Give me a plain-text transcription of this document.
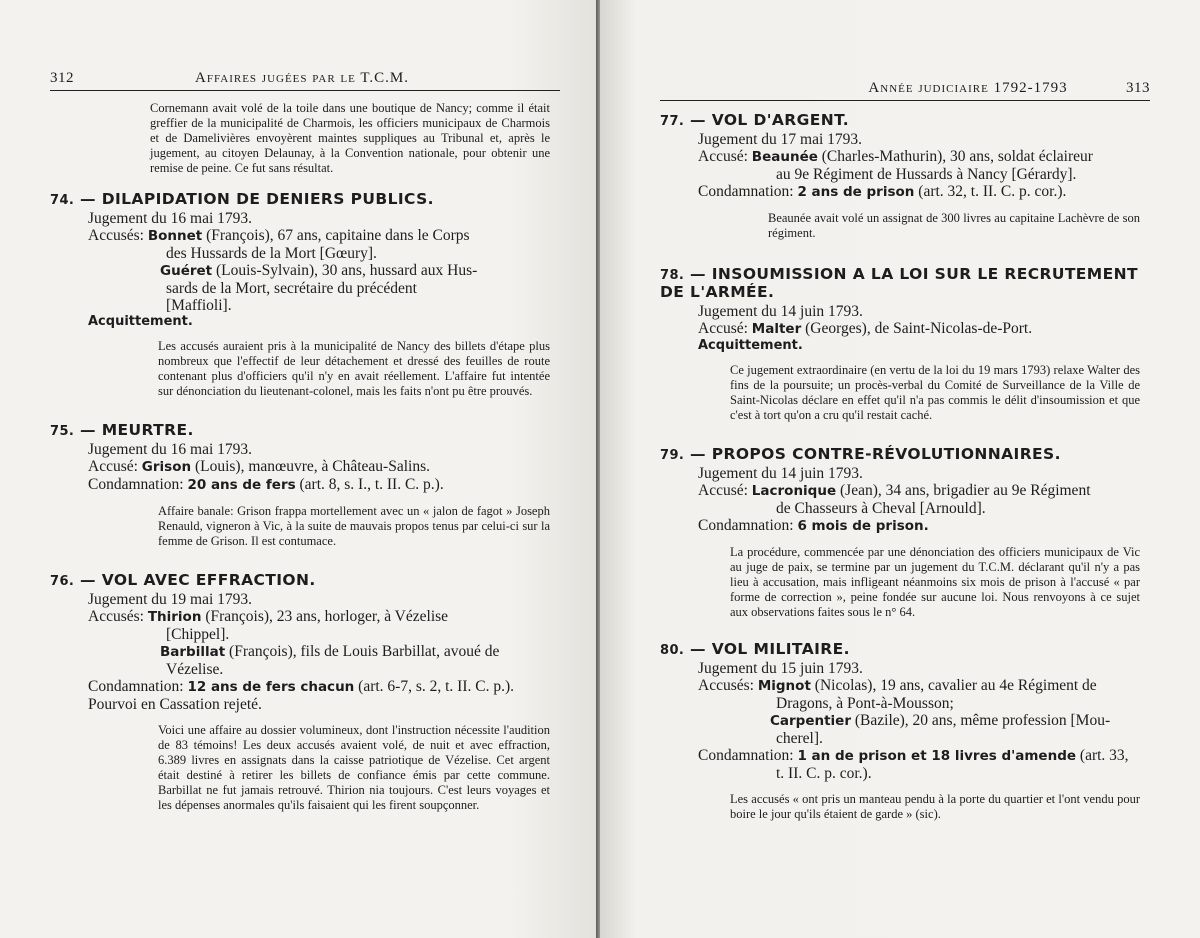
312	Affaires jugées par le T.C.M.
Cornemann avait volé de la toile dans une boutique de Nancy; comme il était greffier de la municipalité de Charmois, les officiers municipaux de Charmois et de Damelivières envoyèrent maintes suppliques au Tribunal et, après le jugement, au citoyen Delaunay, à la Convention nationale, pour obtenir une remise de peine. Ce fut sans résultat.
74. — DILAPIDATION DE DENIERS PUBLICS.
Jugement du 16 mai 1793.
Accusés: Bonnet (François), 67 ans, capitaine dans le Corps
des Hussards de la Mort [Gœury].
Guéret (Louis-Sylvain), 30 ans, hussard aux Hus-
sards de la Mort, secrétaire du précédent
[Maffioli].
Acquittement.
Les accusés auraient pris à la municipalité de Nancy des billets d'étape plus nombreux que l'effectif de leur détachement et dressé des feuilles de route contenant plus d'officiers qu'il n'y en avait réellement. L'affaire fut intentée sur dénonciation du lieutenant-colonel, mais les faits n'ont pu être prouvés.
75. — MEURTRE.
Jugement du 16 mai 1793.
Accusé: Grison (Louis), manœuvre, à Château-Salins.
Condamnation: 20 ans de fers (art. 8, s. I., t. II. C. p.).
Affaire banale: Grison frappa mortellement avec un « jalon de fagot » Joseph Renauld, vigneron à Vic, à la suite de mauvais propos tenus par celui-ci sur la femme de Grison. Il est contumace.
76. — VOL AVEC EFFRACTION.
Jugement du 19 mai 1793.
Accusés: Thirion (François), 23 ans, horloger, à Vézelise
[Chippel].
Barbillat (François), fils de Louis Barbillat, avoué de
Vézelise.
Condamnation: 12 ans de fers chacun (art. 6-7, s. 2, t. II. C. p.).
Pourvoi en Cassation rejeté.
Voici une affaire au dossier volumineux, dont l'instruction nécessite l'audition de 83 témoins! Les deux accusés avaient volé, de nuit et avec effraction, 6.389 livres en assignats dans la caisse patriotique de Vézelise. Cet argent était destiné à retirer les billets de confiance émis par cette commune. Barbillat ne fut jamais retrouvé. Thirion nia toujours. C'est leurs voyages et les dépenses anormales qu'ils faisaient qui les firent soupçonner.
Année judiciaire 1792-1793	313
77. — VOL D'ARGENT.
Jugement du 17 mai 1793.
Accusé: Beaunée (Charles-Mathurin), 30 ans, soldat éclaireur
au 9e Régiment de Hussards à Nancy [Gérardy].
Condamnation: 2 ans de prison (art. 32, t. II. C. p. cor.).
Beaunée avait volé un assignat de 300 livres au capitaine Lachèvre de son régiment.
78. — INSOUMISSION A LA LOI SUR LE RECRUTEMENT DE L'ARMÉE.
Jugement du 14 juin 1793.
Accusé: Malter (Georges), de Saint-Nicolas-de-Port.
Acquittement.
Ce jugement extraordinaire (en vertu de la loi du 19 mars 1793) relaxe Walter des fins de la poursuite; un procès-verbal du Comité de Surveillance de la Ville de Saint-Nicolas déclare en effet qu'il n'a pas commis le délit d'insoumission et que c'est à tort qu'on a cru qu'il restait caché.
79. — PROPOS CONTRE-RÉVOLUTIONNAIRES.
Jugement du 14 juin 1793.
Accusé: Lacronique (Jean), 34 ans, brigadier au 9e Régiment
de Chasseurs à Cheval [Arnould].
Condamnation: 6 mois de prison.
La procédure, commencée par une dénonciation des officiers municipaux de Vic au juge de paix, se termine par un jugement du T.C.M. déclarant qu'il n'y a pas lieu à accusation, mais infligeant néanmoins six mois de prison à l'accusé « par forme de correction », peine fondée sur aucune loi. Nous renvoyons à ce sujet aux observations faites sous le n° 64.
80. — VOL MILITAIRE.
Jugement du 15 juin 1793.
Accusés: Mignot (Nicolas), 19 ans, cavalier au 4e Régiment de
Dragons, à Pont-à-Mousson;
Carpentier (Bazile), 20 ans, même profession [Mou-
cherel].
Condamnation: 1 an de prison et 18 livres d'amende (art. 33,
t. II. C. p. cor.).
Les accusés « ont pris un manteau pendu à la porte du quartier et l'ont vendu pour boire le jour qu'ils étaient de garde » (sic).
